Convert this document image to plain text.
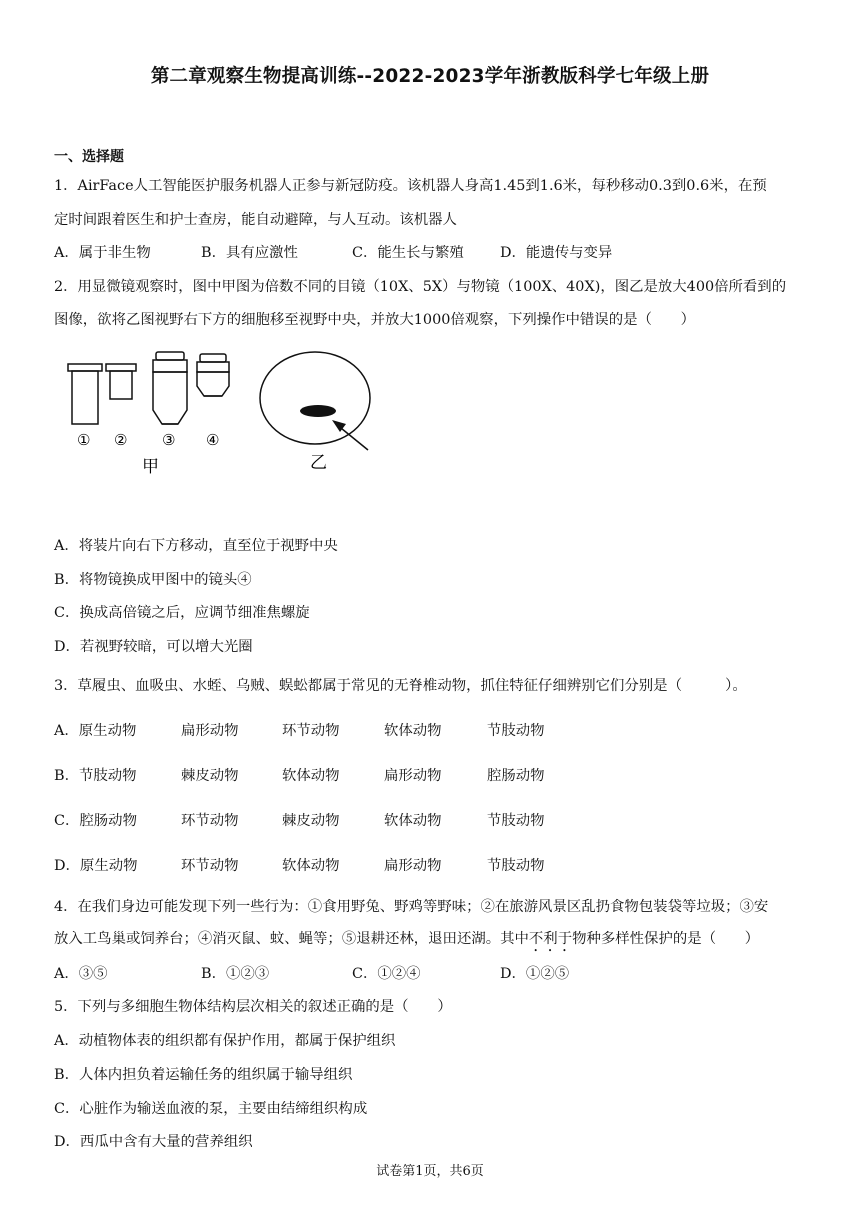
第二章观察生物提高训练--2022-2023学年浙教版科学七年级上册
一、选择题
1．AirFace人工智能医护服务机器人正参与新冠防疫。该机器人身高1.45到1.6米，每秒移动0.3到0.6米，在预
定时间跟着医生和护士查房，能自动避障，与人互动。该机器人
A．属于非生物	B．具有应激性	C．能生长与繁殖	D．能遗传与变异
2．用显微镜观察时，图中甲图为倍数不同的目镜（10X、5X）与物镜（100X、40X)，图乙是放大400倍所看到的
图像，欲将乙图视野右下方的细胞移至视野中央，并放大1000倍观察，下列操作中错误的是（　　）
① ② ③ ④
甲	乙
A．将装片向右下方移动，直至位于视野中央
B．将物镜换成甲图中的镜头④
C．换成高倍镜之后，应调节细准焦螺旋
D．若视野较暗，可以增大光圈
3．草履虫、血吸虫、水蛭、乌贼、蜈蚣都属于常见的无脊椎动物，抓住特征仔细辨别它们分别是（　　　）。
A．原生动物	扁形动物	环节动物	软体动物	节肢动物
B．节肢动物	棘皮动物	软体动物	扁形动物	腔肠动物
C．腔肠动物	环节动物	棘皮动物	软体动物	节肢动物
D．原生动物	环节动物	软体动物	扁形动物	节肢动物
4．在我们身边可能发现下列一些行为：①食用野兔、野鸡等野味；②在旅游风景区乱扔食物包装袋等垃圾；③安
放入工鸟巢或饲养台；④消灭鼠、蚊、蝇等；⑤退耕还林，退田还湖。其中不利于物种多样性保护的是（　　）
A．③⑤	B．①②③	C．①②④	D．①②⑤
5．下列与多细胞生物体结构层次相关的叙述正确的是（　　）
A．动植物体表的组织都有保护作用，都属于保护组织
B．人体内担负着运输任务的组织属于输导组织
C．心脏作为输送血液的泵，主要由结缔组织构成
D．西瓜中含有大量的营养组织
试卷第1页，共6页
